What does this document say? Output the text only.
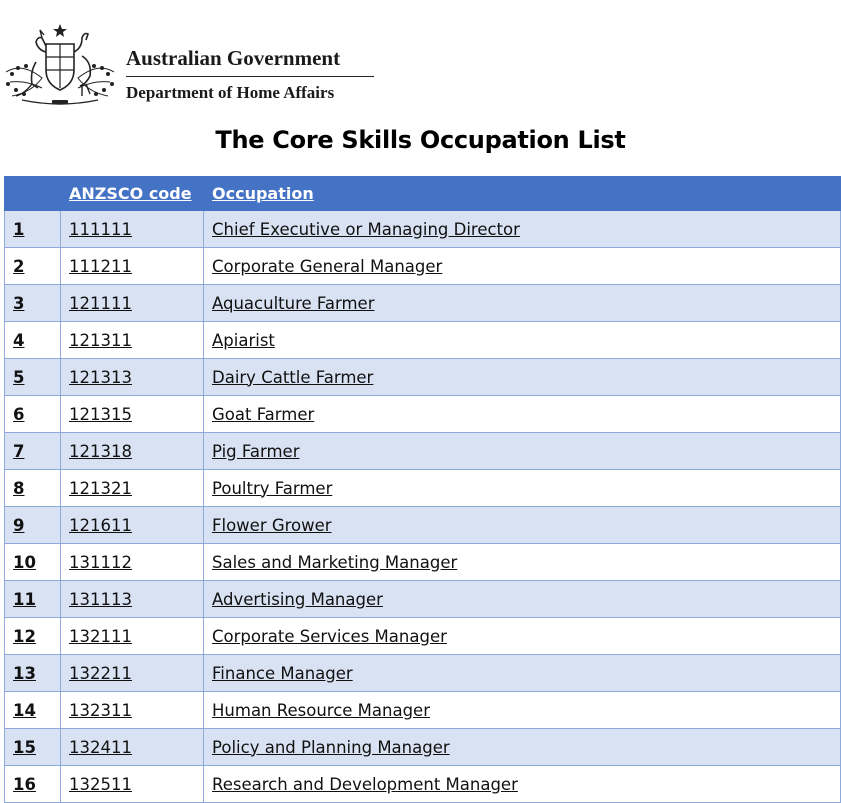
Australian Government
Department of Home Affairs
The Core Skills Occupation List
	ANZSCO code	Occupation
1	111111	Chief Executive or Managing Director
2	111211	Corporate General Manager
3	121111	Aquaculture Farmer
4	121311	Apiarist
5	121313	Dairy Cattle Farmer
6	121315	Goat Farmer
7	121318	Pig Farmer
8	121321	Poultry Farmer
9	121611	Flower Grower
10	131112	Sales and Marketing Manager
11	131113	Advertising Manager
12	132111	Corporate Services Manager
13	132211	Finance Manager
14	132311	Human Resource Manager
15	132411	Policy and Planning Manager
16	132511	Research and Development Manager
